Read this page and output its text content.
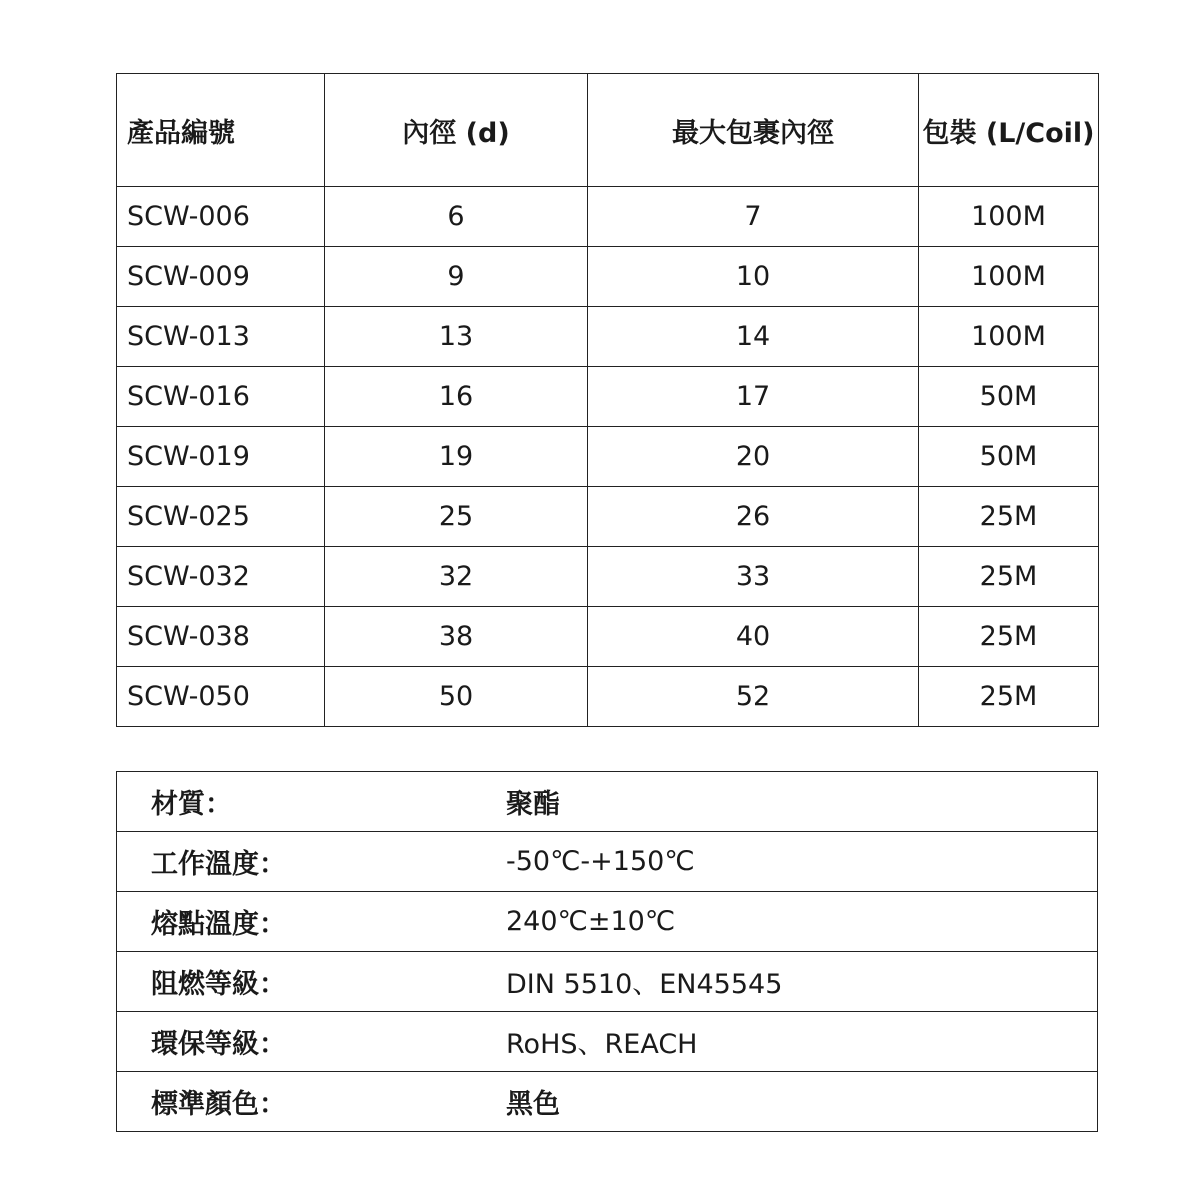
產品編號	內徑 (d)	最大包裹內徑	包裝 (L/Coil)
SCW-006	6	7	100M
SCW-009	9	10	100M
SCW-013	13	14	100M
SCW-016	16	17	50M
SCW-019	19	20	50M
SCW-025	25	26	25M
SCW-032	32	33	25M
SCW-038	38	40	25M
SCW-050	50	52	25M
材質：	聚酯
工作溫度：	-50℃-+150℃
熔點溫度：	240℃±10℃
阻燃等級：	DIN 5510、EN45545
環保等級：	RoHS、REACH
標準顏色：	黑色
